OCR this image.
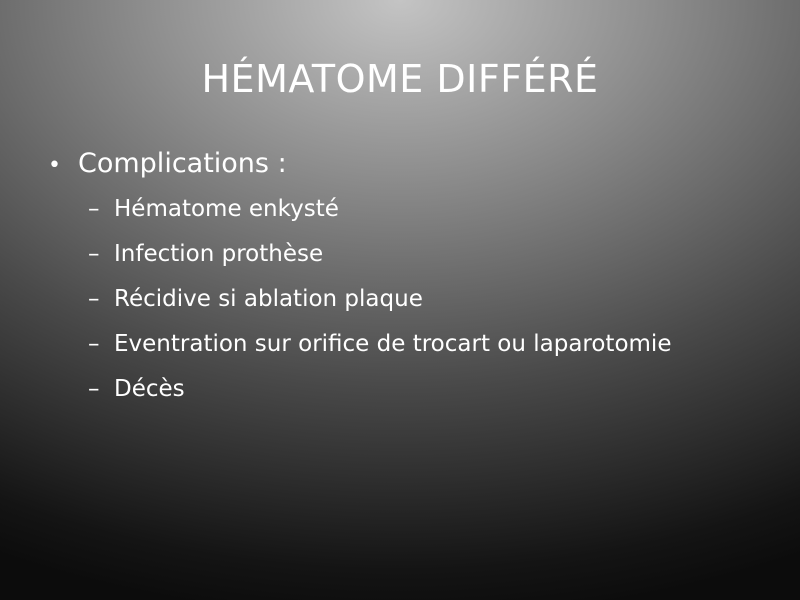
HÉMATOME DIFFÉRÉ
• Complications :
– Hématome enkysté
– Infection prothèse
– Récidive si ablation plaque
– Eventration sur orifice de trocart ou laparotomie
– Décès
